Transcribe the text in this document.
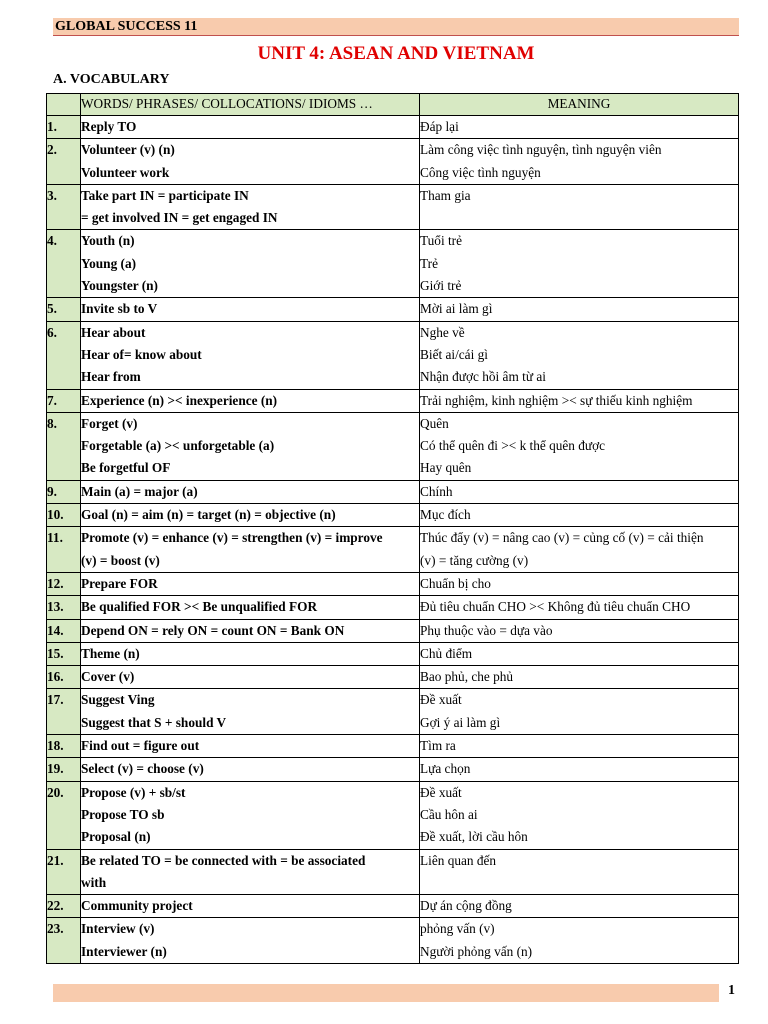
GLOBAL SUCCESS 11
UNIT 4: ASEAN AND VIETNAM
A. VOCABULARY
	WORDS/ PHRASES/ COLLOCATIONS/ IDIOMS …	MEANING
1.	Reply TO	Đáp lại

2.	Volunteer (v) (n)
Volunteer work	Làm công việc tình nguyện, tình nguyện viên
Công việc tình nguyện

3.	Take part IN = participate IN
= get involved IN = get engaged IN	Tham gia

4.	Youth (n)
Young (a)
Youngster (n)	Tuổi trẻ
Trẻ
Giới trẻ

5.	Invite sb to V	Mời ai làm gì

6.	Hear about
Hear of= know about
Hear from	Nghe về
Biết ai/cái gì
Nhận được hồi âm từ ai

7.	Experience (n) >< inexperience (n)	Trải nghiệm, kinh nghiệm >< sự thiếu kinh nghiệm

8.	Forget (v)
Forgetable (a) >< unforgetable (a)
Be forgetful OF	Quên
Có thể quên đi >< k thể quên được
Hay quên

9.	Main (a) = major (a)	Chính

10.	Goal (n) = aim (n) = target (n) = objective (n)	Mục đích

11.	Promote (v) = enhance (v) = strengthen (v) = improve
(v) = boost (v)	Thúc đẩy (v) = nâng cao (v) = củng cố (v) = cải thiện
(v) = tăng cường (v)

12.	Prepare FOR	Chuẩn bị cho

13.	Be qualified FOR >< Be unqualified FOR	Đủ tiêu chuẩn CHO >< Không đủ tiêu chuẩn CHO

14.	Depend ON = rely ON = count ON = Bank ON	Phụ thuộc vào = dựa vào

15.	Theme (n)	Chủ điểm

16.	Cover (v)	Bao phủ, che phủ

17.	Suggest Ving
Suggest that S + should V	Đề xuất
Gợi ý ai làm gì

18.	Find out = figure out	Tìm ra

19.	Select (v) = choose (v)	Lựa chọn

20.	Propose (v) + sb/st
Propose TO sb
Proposal (n)	Đề xuất
Cầu hôn ai
Đề xuất, lời cầu hôn

21.	Be related TO = be connected with = be associated
with	Liên quan đến

22.	Community project	Dự án cộng đồng

23.	Interview (v)
Interviewer (n)	phỏng vấn (v)
Người phỏng vấn (n)
1
